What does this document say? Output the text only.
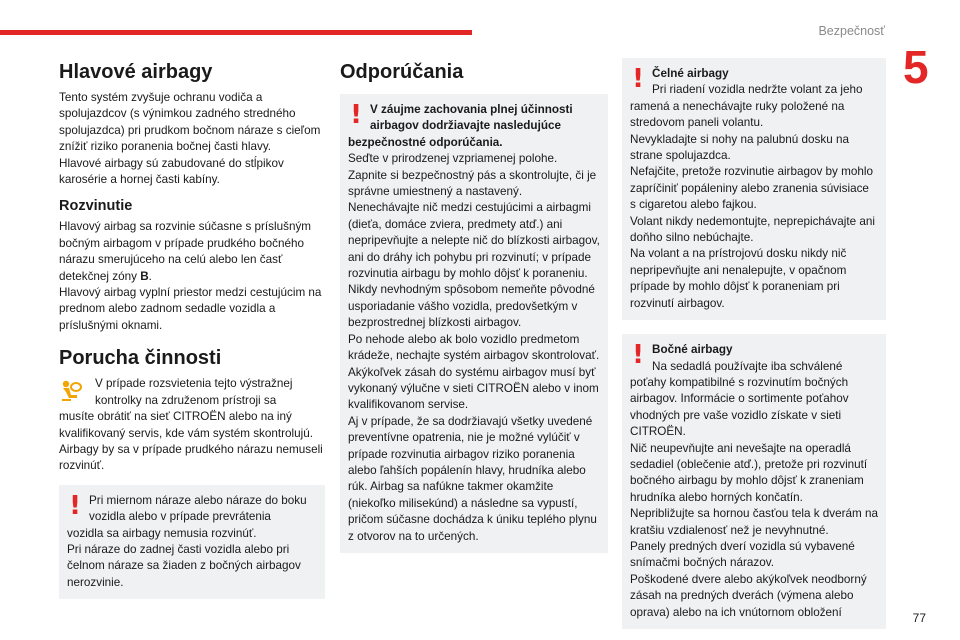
Bezpečnosť
5
77
Hlavové airbagy

Tento systém zvyšuje ochranu vodiča a spolujazdcov (s výnimkou zadného stredného spolujazdca) pri prudkom bočnom náraze s cieľom znížiť riziko poranenia bočnej časti hlavy.
Hlavové airbagy sú zabudované do stĺpikov karosérie a hornej časti kabíny.

Rozvinutie

Hlavový airbag sa rozvinie súčasne s príslušným bočným airbagom v prípade prudkého bočného nárazu smerujúceho na celú alebo len časť detekčnej zóny B.
Hlavový airbag vyplní priestor medzi cestujúcim na prednom alebo zadnom sedadle vozidla a príslušnými oknami.

Porucha činnosti

V prípade rozsvietenia tejto výstražnej kontrolky na združenom prístroji sa

musíte obrátiť na sieť CITROËN alebo na iný kvalifikovaný servis, kde vám systém skontrolujú.
Airbagy by sa v prípade prudkého nárazu nemuseli rozvinúť.

! Pri miernom náraze alebo náraze do boku vozidla alebo v prípade prevrátenia

vozidla sa airbagy nemusia rozvinúť.
Pri náraze do zadnej časti vozidla alebo pri čelnom náraze sa žiaden z bočných airbagov nerozvinie.

Odporúčania
! V záujme zachovania plnej účinnosti airbagov dodržiavajte nasledujúce

bezpečnostné odporúčania.

Seďte v prirodzenej vzpriamenej polohe.
Zapnite si bezpečnostný pás a skontrolujte, či je správne umiestnený a nastavený.
Nenechávajte nič medzi cestujúcimi a airbagmi (dieťa, domáce zviera, predmety atď.) ani nepripevňujte a nelepte nič do blízkosti airbagov, ani do dráhy ich pohybu pri rozvinutí; v prípade rozvinutia airbagu by mohlo dôjsť k poraneniu.
Nikdy nevhodným spôsobom nemeňte pôvodné usporiadanie vášho vozidla, predovšetkým v bezprostrednej blízkosti airbagov.
Po nehode alebo ak bolo vozidlo predmetom krádeže, nechajte systém airbagov skontrolovať.
Akýkoľvek zásah do systému airbagov musí byť vykonaný výlučne v sieti CITROËN alebo v inom kvalifikovanom servise.
Aj v prípade, že sa dodržiavajú všetky uvedené preventívne opatrenia, nie je možné vylúčiť v prípade rozvinutia airbagov riziko poranenia alebo ľahších popálenín hlavy, hrudníka alebo rúk. Airbag sa nafúkne takmer okamžite (niekoľko milisekúnd) a následne sa vypustí, pričom súčasne dochádza k úniku teplého plynu z otvorov na to určených.

! Čelné airbagy

Pri riadení vozidla nedržte volant za jeho

ramená a nenechávajte ruky položené na stredovom paneli volantu.
Nevykladajte si nohy na palubnú dosku na strane spolujazdca.
Nefajčite, pretože rozvinutie airbagov by mohlo zapríčiniť popáleniny alebo zranenia súvisiace s cigaretou alebo fajkou.
Volant nikdy nedemontujte, neprepichávajte ani doňho silno nebúchajte.
Na volant a na prístrojovú dosku nikdy nič nepripevňujte ani nenalepujte, v opačnom prípade by mohlo dôjsť k poraneniam pri rozvinutí airbagov.

! Bočné airbagy

Na sedadlá používajte iba schválené

poťahy kompatibilné s rozvinutím bočných airbagov. Informácie o sortimente poťahov vhodných pre vaše vozidlo získate v sieti CITROËN.
Nič neupevňujte ani nevešajte na operadlá sedadiel (oblečenie atď.), pretože pri rozvinutí bočného airbagu by mohlo dôjsť k zraneniam hrudníka alebo horných končatín.
Nepribližujte sa hornou časťou tela k dverám na kratšiu vzdialenosť než je nevyhnutné.
Panely predných dverí vozidla sú vybavené snímačmi bočných nárazov.
Poškodené dvere alebo akýkoľvek neodborný zásah na predných dverách (výmena alebo oprava) alebo na ich vnútornom obložení
